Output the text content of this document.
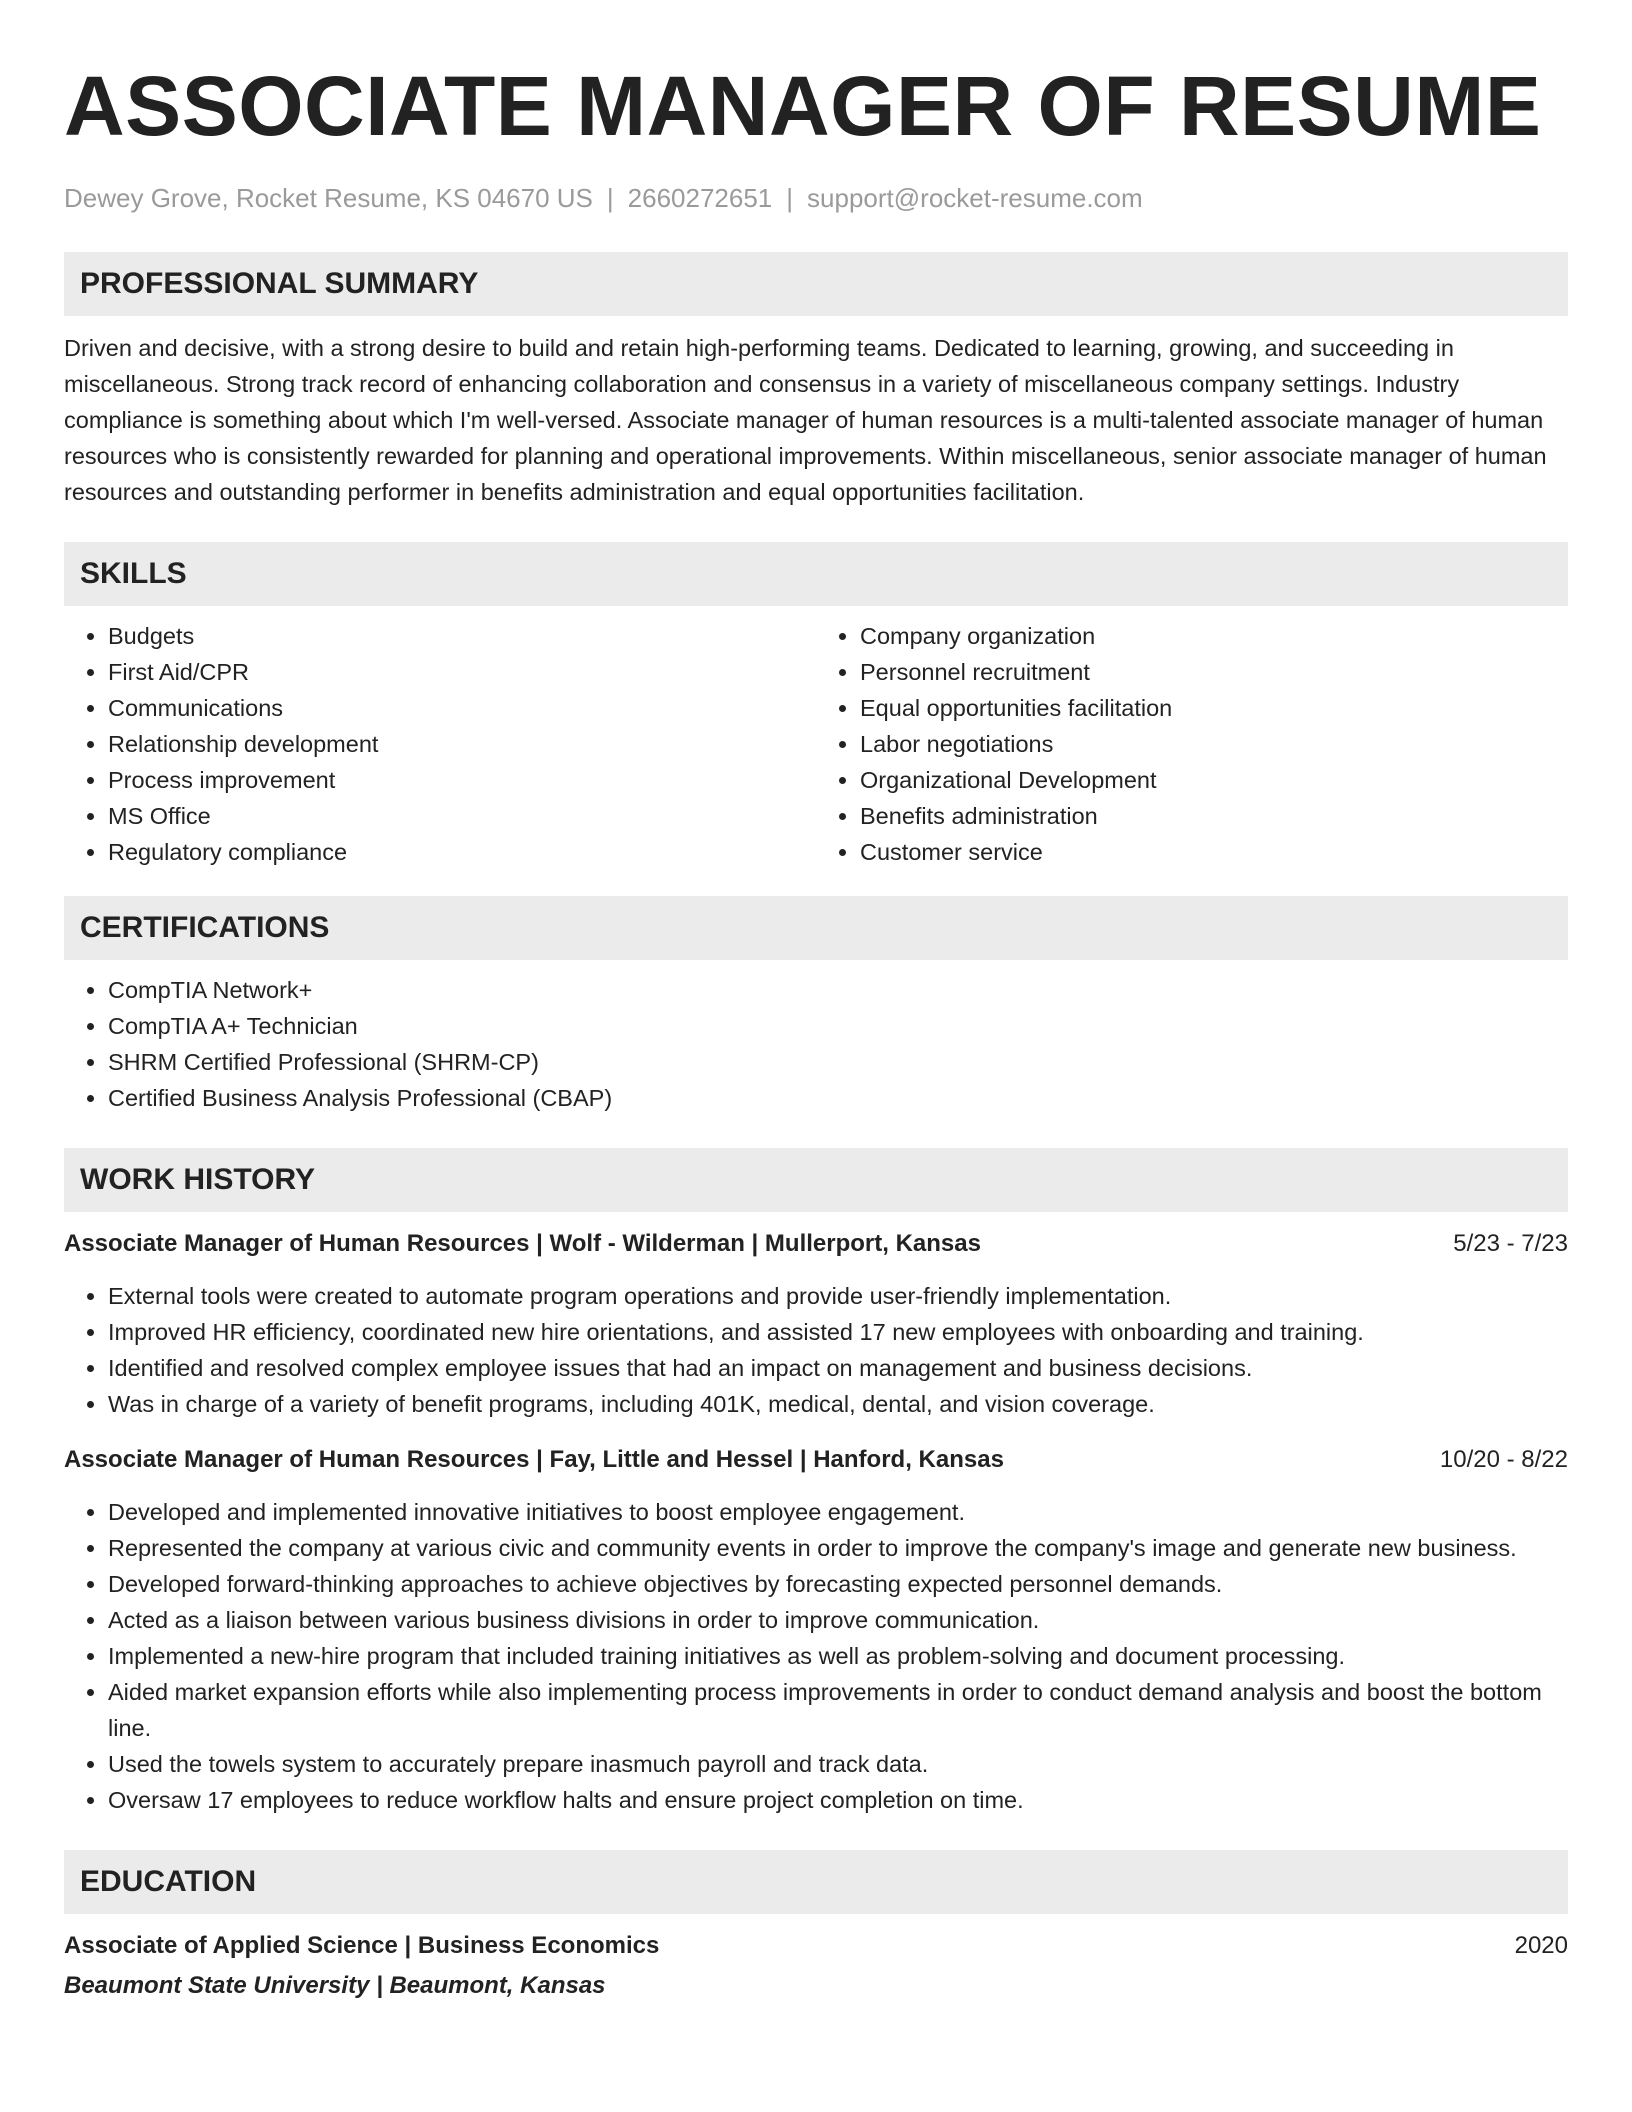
ASSOCIATE MANAGER OF RESUME
Dewey Grove, Rocket Resume, KS 04670 US | 2660272651 | support@rocket-resume.com
PROFESSIONAL SUMMARY

Driven and decisive, with a strong desire to build and retain high-performing teams. Dedicated to learning, growing, and succeeding in miscellaneous. Strong track record of enhancing collaboration and consensus in a variety of miscellaneous company settings. Industry compliance is something about which I'm well-versed. Associate manager of human resources is a multi-talented associate manager of human resources who is consistently rewarded for planning and operational improvements. Within miscellaneous, senior associate manager of human resources and outstanding performer in benefits administration and equal opportunities facilitation.

SKILLS
• Budgets
• First Aid/CPR
• Communications
• Relationship development
• Process improvement
• MS Office
• Regulatory compliance
• Company organization
• Personnel recruitment
• Equal opportunities facilitation
• Labor negotiations
• Organizational Development
• Benefits administration
• Customer service
CERTIFICATIONS
• CompTIA Network+
• CompTIA A+ Technician
• SHRM Certified Professional (SHRM-CP)
• Certified Business Analysis Professional (CBAP)
WORK HISTORY
Associate Manager of Human Resources | Wolf - Wilderman | Mullerport, Kansas	5/23 - 7/23
• External tools were created to automate program operations and provide user-friendly implementation.
• Improved HR efficiency, coordinated new hire orientations, and assisted 17 new employees with onboarding and training.
• Identified and resolved complex employee issues that had an impact on management and business decisions.
• Was in charge of a variety of benefit programs, including 401K, medical, dental, and vision coverage.
Associate Manager of Human Resources | Fay, Little and Hessel | Hanford, Kansas	10/20 - 8/22
• Developed and implemented innovative initiatives to boost employee engagement.
• Represented the company at various civic and community events in order to improve the company's image and generate new business.
• Developed forward-thinking approaches to achieve objectives by forecasting expected personnel demands.
• Acted as a liaison between various business divisions in order to improve communication.
• Implemented a new-hire program that included training initiatives as well as problem-solving and document processing.
• Aided market expansion efforts while also implementing process improvements in order to conduct demand analysis and boost the bottom line.
• Used the towels system to accurately prepare inasmuch payroll and track data.
• Oversaw 17 employees to reduce workflow halts and ensure project completion on time.
EDUCATION
Associate of Applied Science | Business Economics	2020
Beaumont State University | Beaumont, Kansas
